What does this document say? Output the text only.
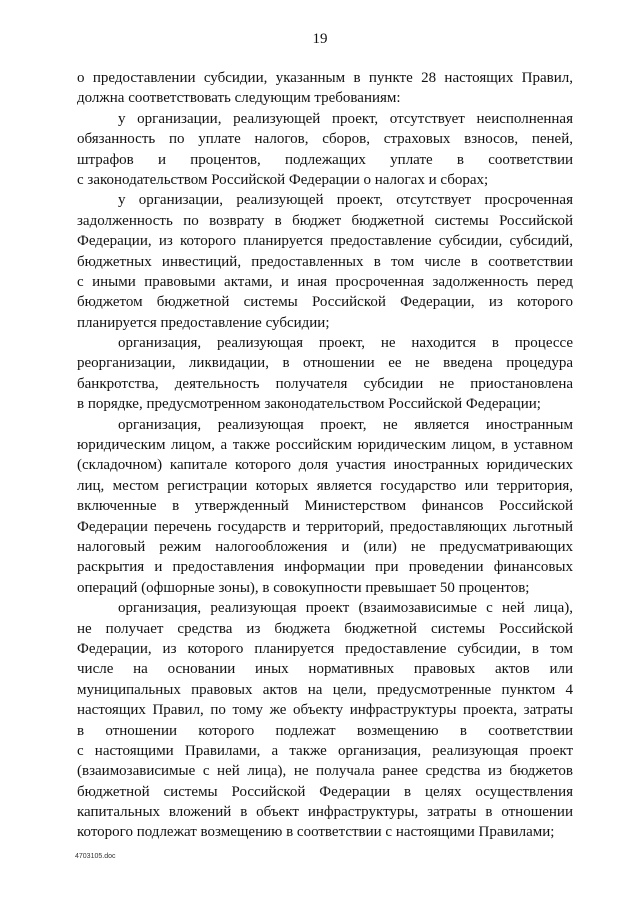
19
о предоставлении субсидии, указанным в пункте 28 настоящих Правил,
должна соответствовать следующим требованиям:
у организации, реализующей проект, отсутствует неисполненная
обязанность по уплате налогов, сборов, страховых взносов, пеней,
штрафов и процентов, подлежащих уплате в соответствии
с законодательством Российской Федерации о налогах и сборах;
у организации, реализующей проект, отсутствует просроченная
задолженность по возврату в бюджет бюджетной системы Российской
Федерации, из которого планируется предоставление субсидии, субсидий,
бюджетных инвестиций, предоставленных в том числе в соответствии
с иными правовыми актами, и иная просроченная задолженность перед
бюджетом бюджетной системы Российской Федерации, из которого
планируется предоставление субсидии;
организация, реализующая проект, не находится в процессе
реорганизации, ликвидации, в отношении ее не введена процедура
банкротства, деятельность получателя субсидии не приостановлена
в порядке, предусмотренном законодательством Российской Федерации;
организация, реализующая проект, не является иностранным
юридическим лицом, а также российским юридическим лицом, в уставном
(складочном) капитале которого доля участия иностранных юридических
лиц, местом регистрации которых является государство или территория,
включенные в утвержденный Министерством финансов Российской
Федерации перечень государств и территорий, предоставляющих льготный
налоговый режим налогообложения и (или) не предусматривающих
раскрытия и предоставления информации при проведении финансовых
операций (офшорные зоны), в совокупности превышает 50 процентов;
организация, реализующая проект (взаимозависимые с ней лица),
не получает средства из бюджета бюджетной системы Российской
Федерации, из которого планируется предоставление субсидии, в том
числе на основании иных нормативных правовых актов или
муниципальных правовых актов на цели, предусмотренные пунктом 4
настоящих Правил, по тому же объекту инфраструктуры проекта, затраты
в отношении которого подлежат возмещению в соответствии
с настоящими Правилами, а также организация, реализующая проект
(взаимозависимые с ней лица), не получала ранее средства из бюджетов
бюджетной системы Российской Федерации в целях осуществления
капитальных вложений в объект инфраструктуры, затраты в отношении
которого подлежат возмещению в соответствии с настоящими Правилами;
4703105.doc
